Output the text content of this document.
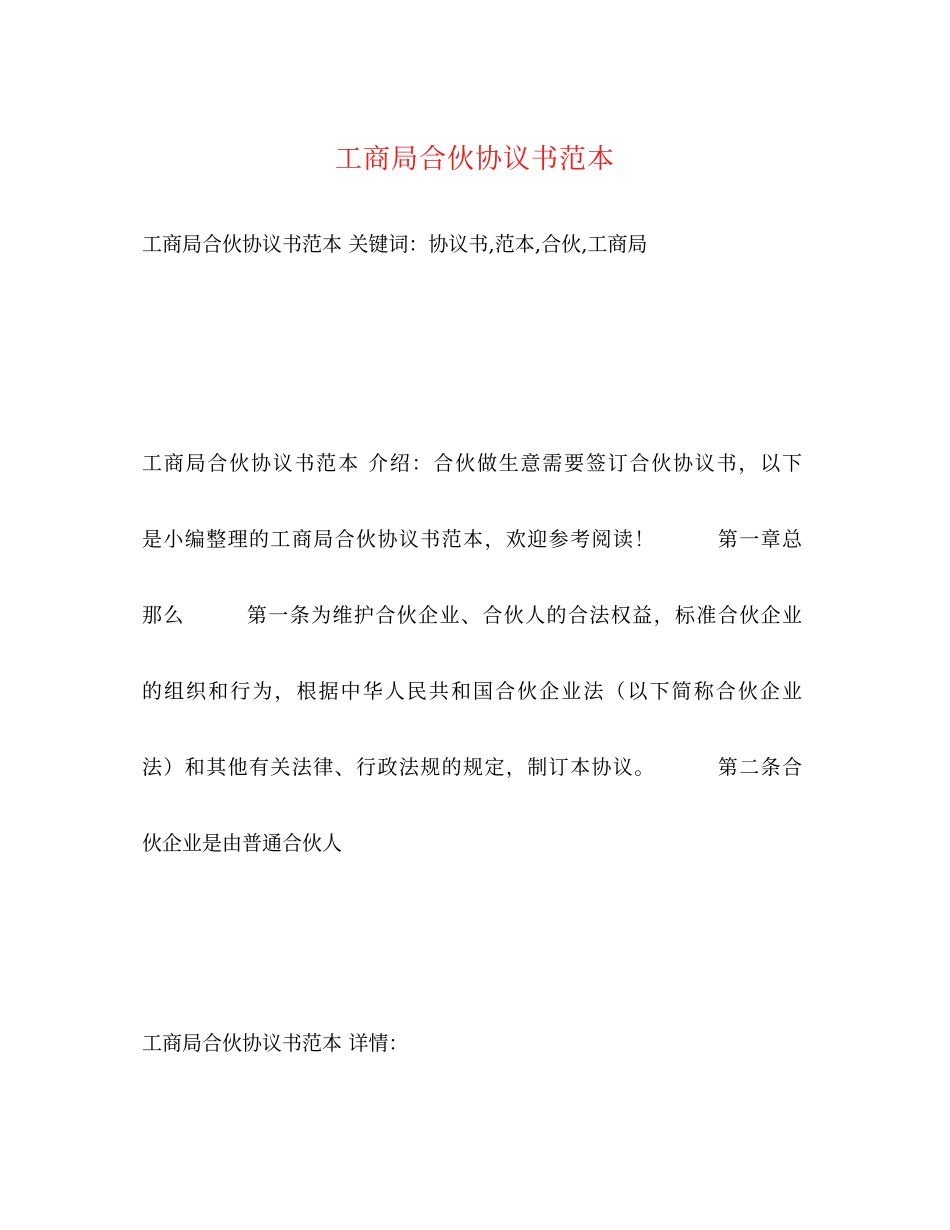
工商局合伙协议书范本
工商局合伙协议书范本 关键词：协议书,范本,合伙,工商局
工商局合伙协议书范本 介绍：合伙做生意需要签订合伙协议书，以下
是小编整理的工商局合伙协议书范本，欢迎参考阅读！        第一章总
那么        第一条为维护合伙企业、合伙人的合法权益，标准合伙企业
的组织和行为，根据中华人民共和国合伙企业法（以下简称合伙企业
法）和其他有关法律、行政法规的规定，制订本协议。        第二条合
伙企业是由普通合伙人
工商局合伙协议书范本 详情：
